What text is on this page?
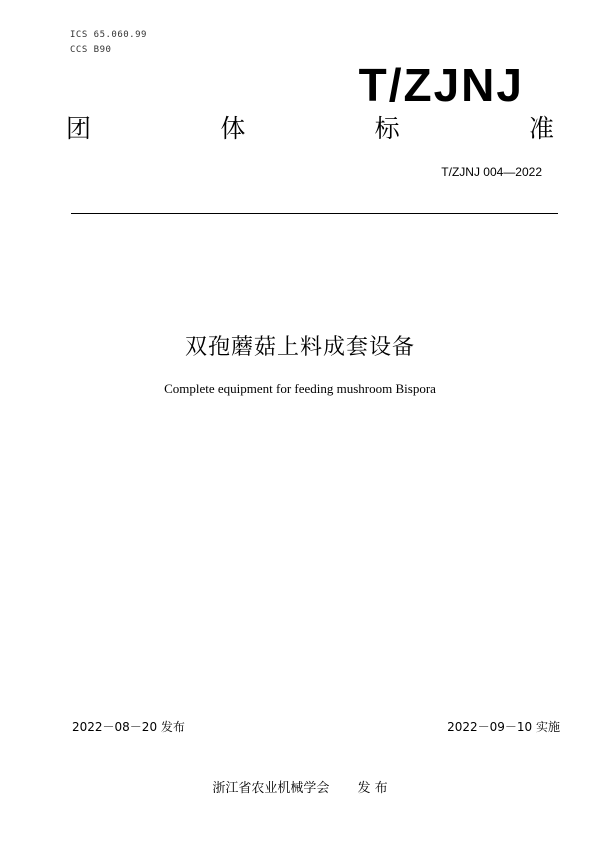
ICS 65.060.99
CCS B90
T/ZJNJ
团	体	标	准
T/ZJNJ 004—2022
双孢蘑菇上料成套设备
Complete equipment for feeding mushroom Bispora
2022－08－20 发布	2022－09－10 实施
浙江省农业机械学会 发 布
